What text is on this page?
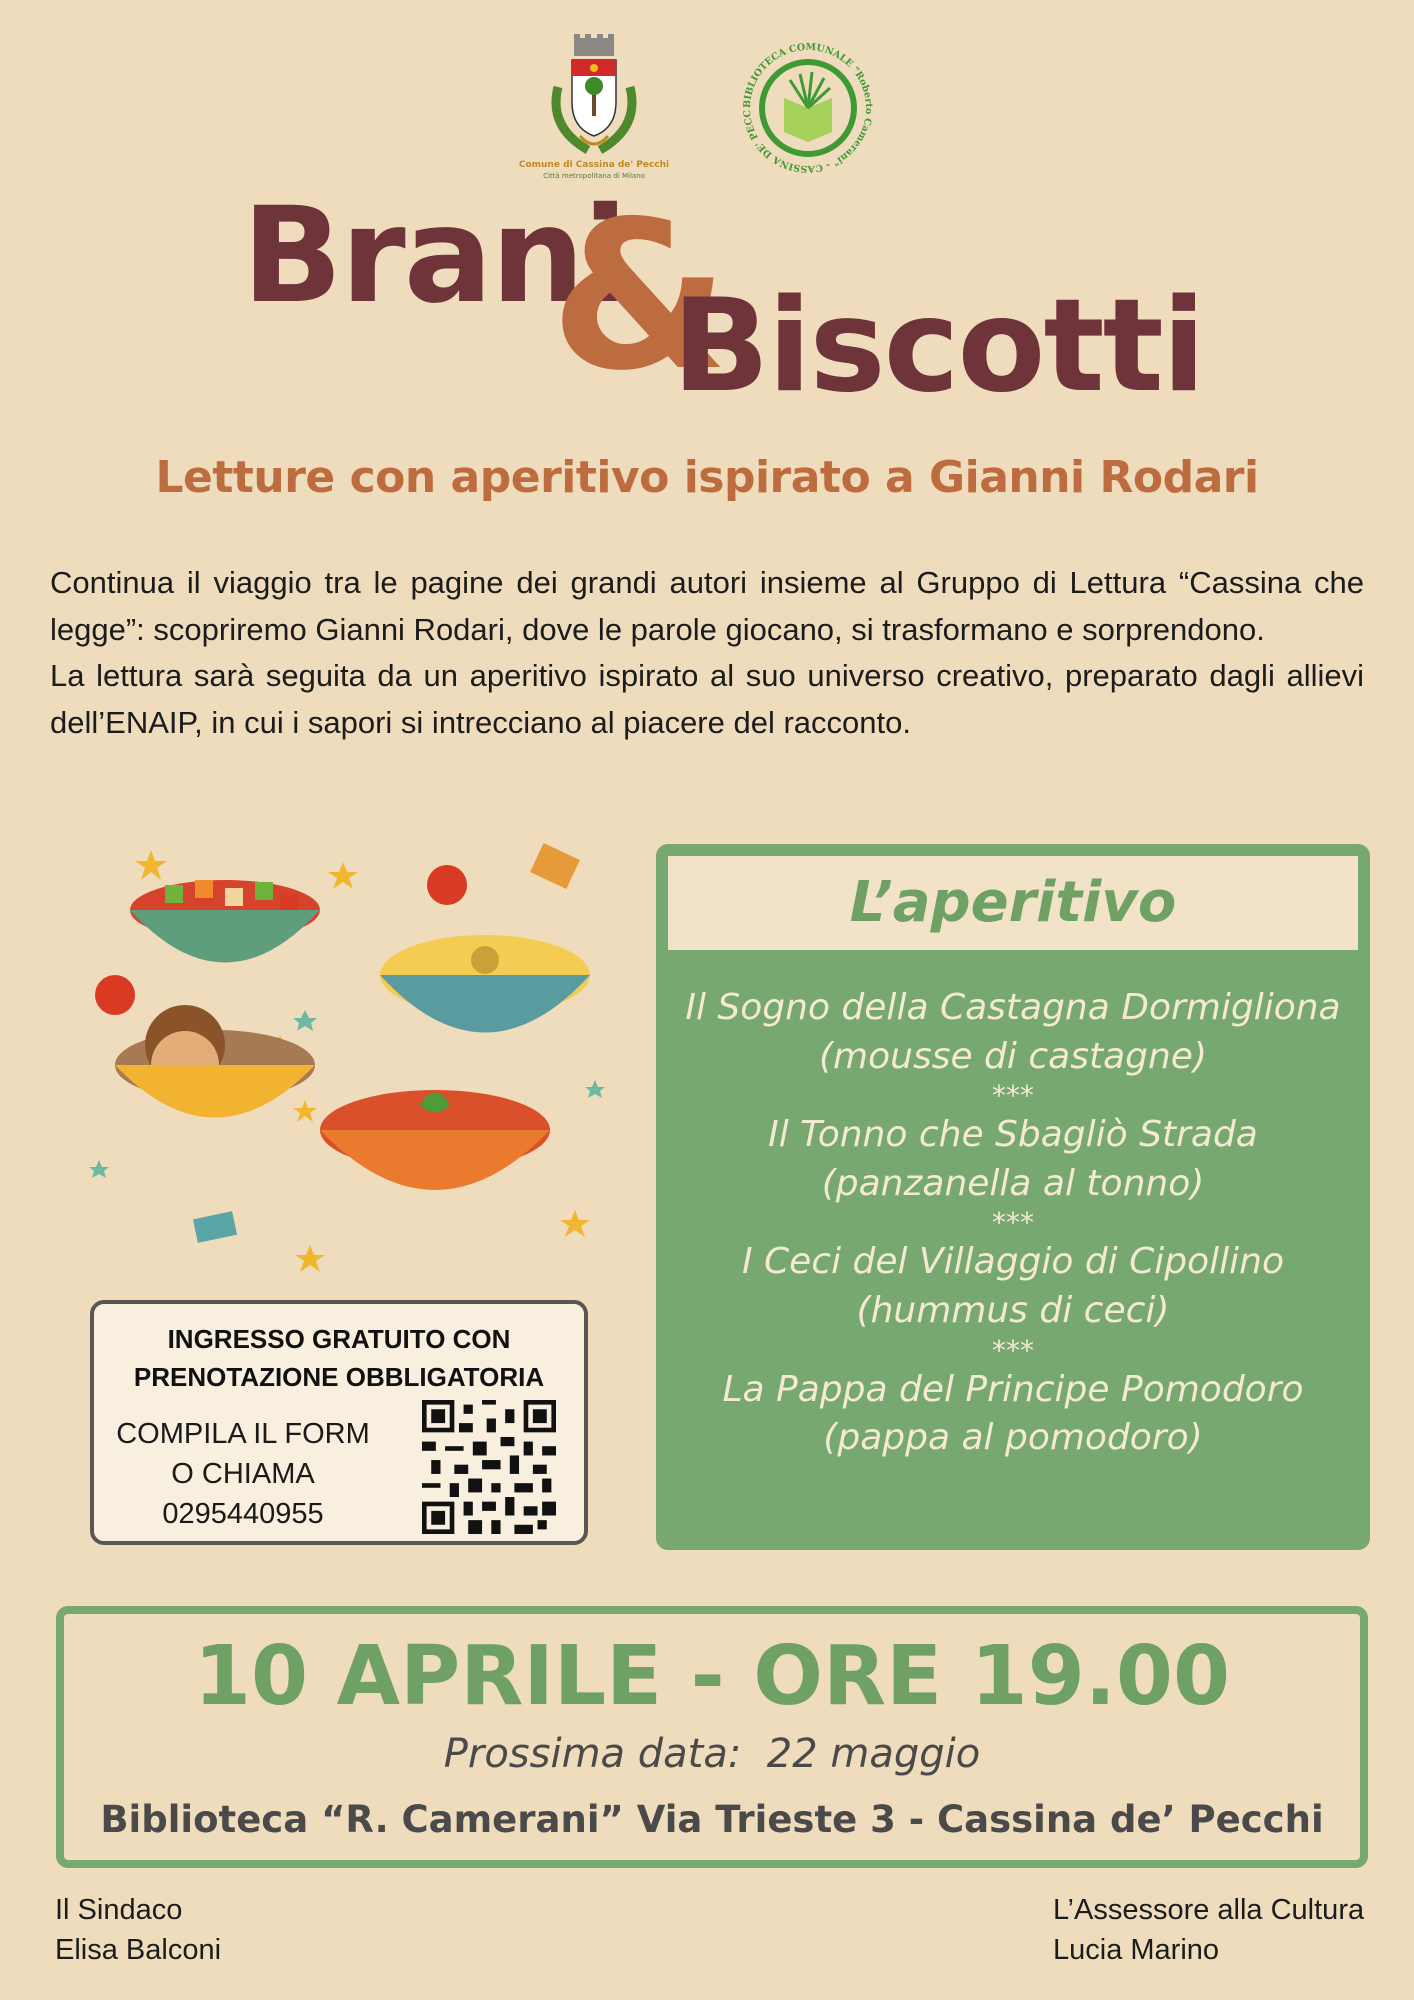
Comune di Cassina de' Pecchi
Città metropolitana di Milano
BIBLIOTECA COMUNALE "Roberto Camerani" - CASSINA DE' PECC
Brani
&
Biscotti
Letture con aperitivo ispirato a Gianni Rodari

Continua il viaggio tra le pagine dei grandi autori insieme al Gruppo di Lettura “Cassina che legge”: scopriremo Gianni Rodari, dove le parole giocano, si trasformano e sorprendono.

La lettura sarà seguita da un aperitivo ispirato al suo universo creativo, preparato dagli allievi dell’ENAIP, in cui i sapori si intrecciano al piacere del racconto.

INGRESSO GRATUITO CON
PRENOTAZIONE OBBLIGATORIA
COMPILA IL FORM
O CHIAMA
0295440955
L’aperitivo
Il Sogno della Castagna Dormigliona
(mousse di castagne)
***
Il Tonno che Sbagliò Strada
(panzanella al tonno)
***
I Ceci del Villaggio di Cipollino
(hummus di ceci)
***
La Pappa del Principe Pomodoro
(pappa al pomodoro)
10 APRILE - ORE 19.00
Prossima data:  22 maggio
Biblioteca “R. Camerani” Via Trieste 3 - Cassina de’ Pecchi
Il Sindaco
Elisa Balconi
L’Assessore alla Cultura
Lucia Marino
